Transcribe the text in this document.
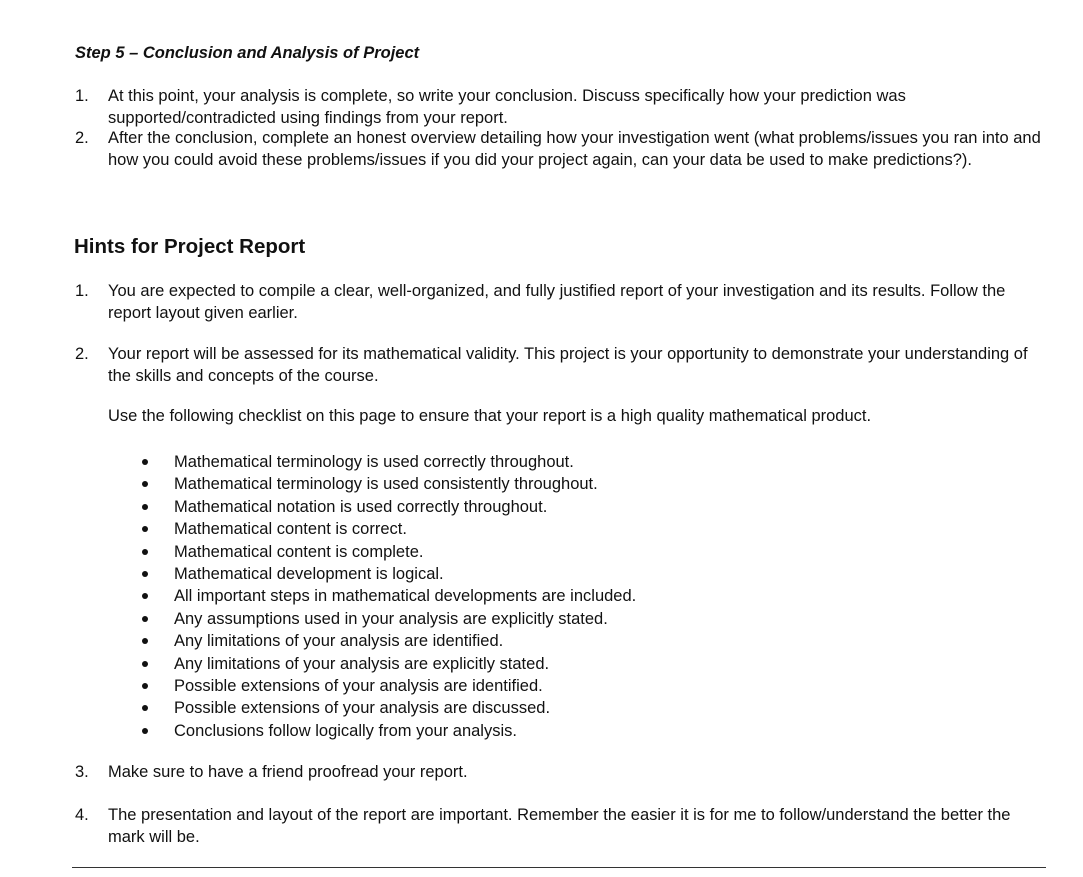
Step 5 – Conclusion and Analysis of Project
1.	At this point, your analysis is complete, so write your conclusion. Discuss specifically how your prediction was supported/contradicted using findings from your report.
2.	After the conclusion, complete an honest overview detailing how your investigation went (what problems/issues you ran into and how you could avoid these problems/issues if you did your project again, can your data be used to make predictions?).
Hints for Project Report
1.	You are expected to compile a clear, well-organized, and fully justified report of your investigation and its results. Follow the report layout given earlier.
2.	Your report will be assessed for its mathematical validity. This project is your opportunity to demonstrate your understanding of the skills and concepts of the course.
3.	Make sure to have a friend proofread your report.
4.	The presentation and layout of the report are important. Remember the easier it is for me to follow/understand the better the mark will be.
Use the following checklist on this page to ensure that your report is a high quality mathematical product.
Mathematical terminology is used correctly throughout.
Mathematical terminology is used consistently throughout.
Mathematical notation is used correctly throughout.
Mathematical content is correct.
Mathematical content is complete.
Mathematical development is logical.
All important steps in mathematical developments are included.
Any assumptions used in your analysis are explicitly stated.
Any limitations of your analysis are identified.
Any limitations of your analysis are explicitly stated.
Possible extensions of your analysis are identified.
Possible extensions of your analysis are discussed.
Conclusions follow logically from your analysis.
